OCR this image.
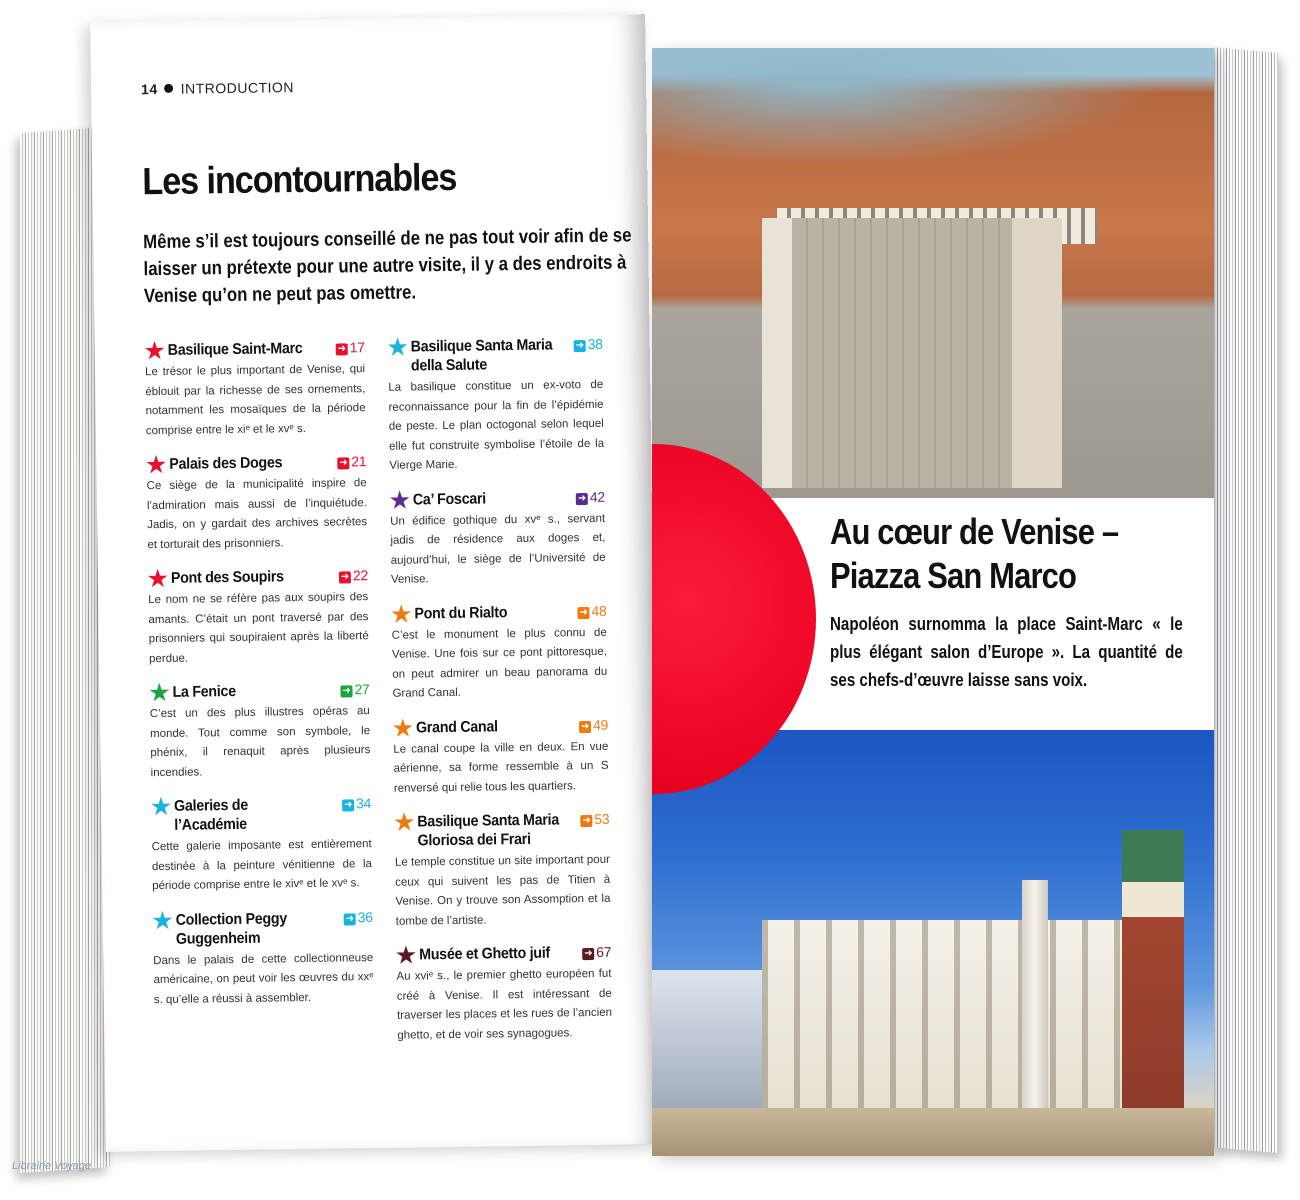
14 INTRODUCTION
Les incontournables
Même s’il est toujours conseillé de ne pas tout voir afin de se laisser un prétexte pour une autre visite, il y a des endroits à Venise qu’on ne peut pas omettre.
★ Basilique Saint-Marc	➜ 17
Le trésor le plus important de Venise, qui éblouit par la richesse de ses ornements, notamment les mosaïques de la période comprise entre le xiᵉ et le xvᵉ s.
★ Palais des Doges	➜ 21
Ce siège de la municipalité inspire de l’admiration mais aussi de l’inquiétude. Jadis, on y gardait des archives secrètes et torturait des prisonniers.
★ Pont des Soupirs	➜ 22
Le nom ne se réfère pas aux soupirs des amants. C’était un pont traversé par des prisonniers qui soupiraient après la liberté perdue.
★ La Fenice	➜ 27
C’est un des plus illustres opéras au monde. Tout comme son symbole, le phénix, il renaquit après plusieurs incendies.
★ Galeries de l’Académie
➜ 34
Cette galerie imposante est entièrement destinée à la peinture vénitienne de la période comprise entre le xivᵉ et le xvᵉ s.
★ Collection Peggy Guggenheim
➜ 36
Dans le palais de cette collectionneuse américaine, on peut voir les œuvres du xxᵉ s. qu’elle a réussi à assembler.
★ Basilique Santa Maria della Salute
➜ 38
La basilique constitue un ex-voto de reconnaissance pour la fin de l’épidémie de peste. Le plan octogonal selon lequel elle fut construite symbolise l’étoile de la Vierge Marie.
★ Ca’ Foscari	➜ 42
Un édifice gothique du xvᵉ s., servant jadis de résidence aux doges et, aujourd’hui, le siège de l’Université de Venise.
★ Pont du Rialto	➜ 48
C’est le monument le plus connu de Venise. Une fois sur ce pont pittoresque, on peut admirer un beau panorama du Grand Canal.
★ Grand Canal	➜ 49
Le canal coupe la ville en deux. En vue aérienne, sa forme ressemble à un S renversé qui relie tous les quartiers.
★ Basilique Santa Maria Gloriosa dei Frari
➜ 53
Le temple constitue un site important pour ceux qui suivent les pas de Titien à Venise. On y trouve son Assomption et la tombe de l’artiste.
★ Musée et Ghetto juif	➜ 67
Au xviᵉ s., le premier ghetto européen fut créé à Venise. Il est intéressant de traverser les places et les rues de l’ancien ghetto, et de voir ses synagogues.
Au cœur de Venise – Piazza San Marco
Napoléon surnomma la place Saint-Marc « le plus élégant salon d’Europe ». La quantité de ses chefs-d’œuvre laisse sans voix.
Librairie Voyage
